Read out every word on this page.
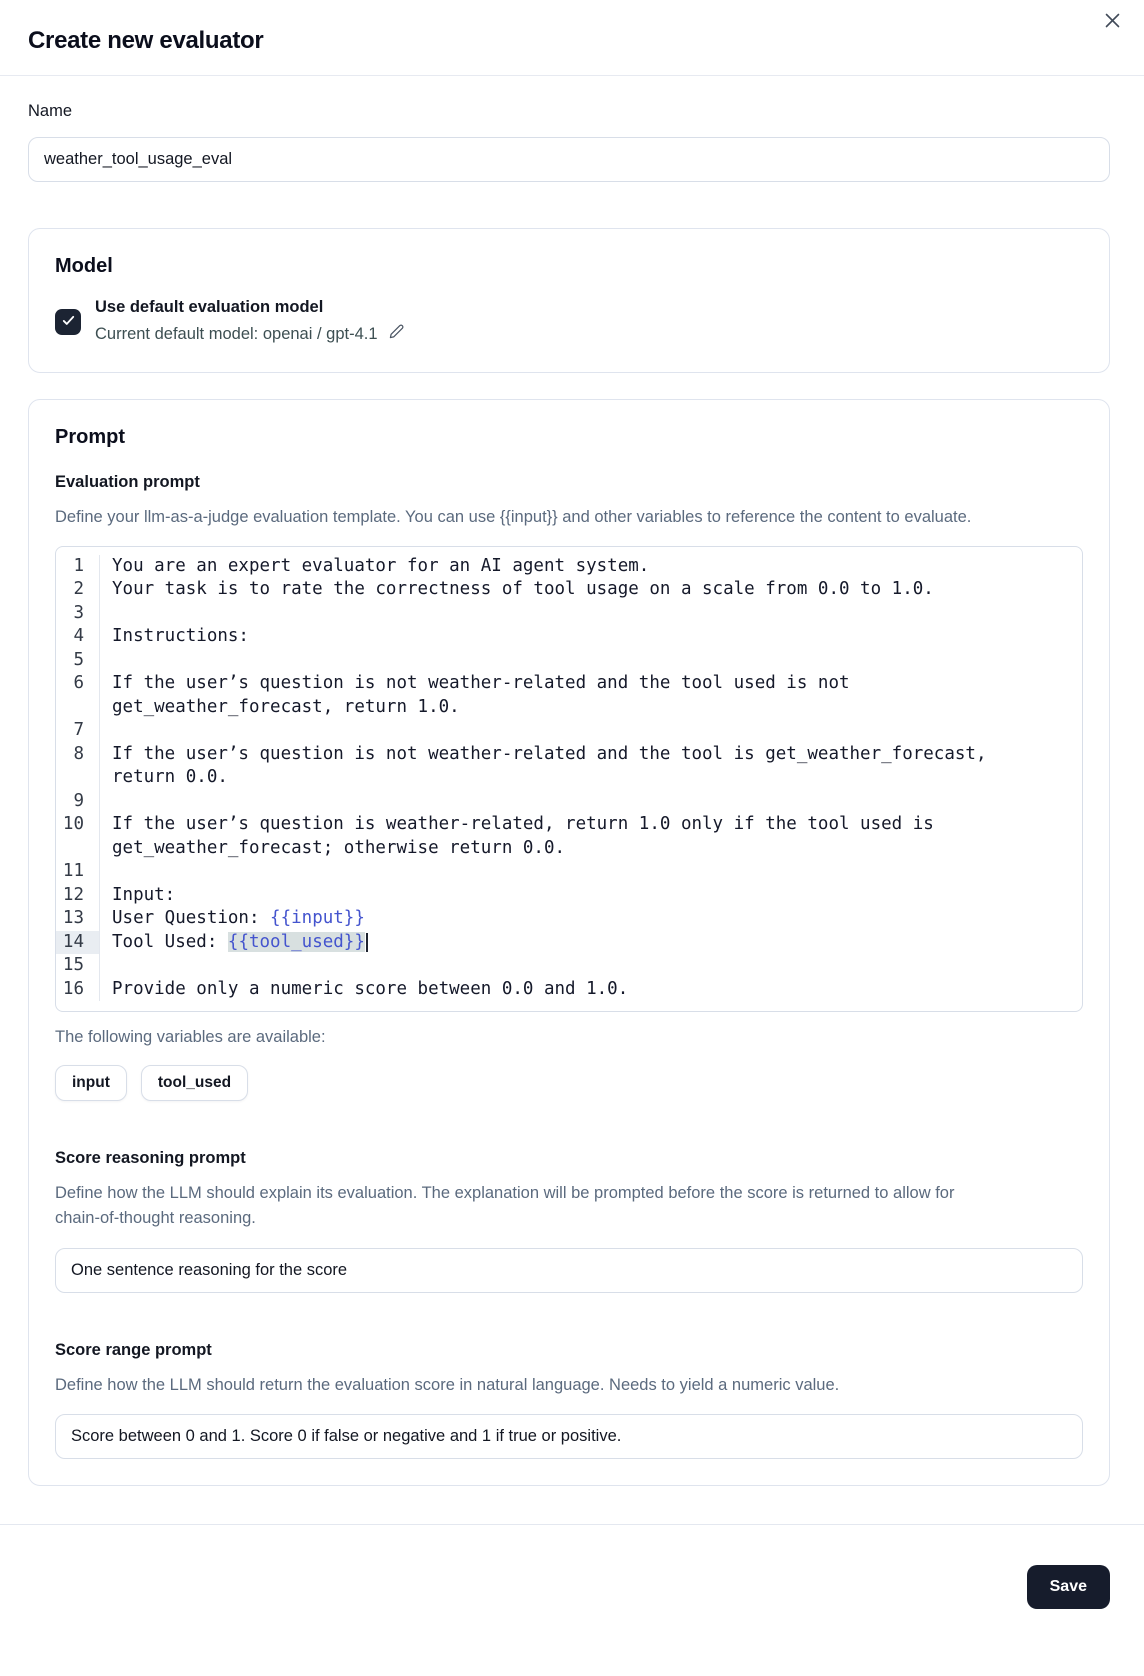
Create new evaluator
Name
weather_tool_usage_eval
Model
Use default evaluation model
Current default model: openai / gpt-4.1
Prompt
Evaluation prompt

Define your llm-as-a-judge evaluation template. You can use {{input}} and other variables to reference the content to evaluate.

1	You are an expert evaluator for an AI agent system.
2	Your task is to rate the correctness of tool usage on a scale from 0.0 to 1.0.
3

4	Instructions:
5

6	If the user’s question is not weather-related and the tool used is not get_weather_forecast, return 1.0.
7

8	If the user’s question is not weather-related and the tool is get_weather_forecast, return 0.0.
9

10	If the user’s question is weather-related, return 1.0 only if the tool used is get_weather_forecast; otherwise return 0.0.
11

12	Input:
13	User Question: {{input}}
14	Tool Used: {{tool_used}}
15

16	Provide only a numeric score between 0.0 and 1.0.

The following variables are available:

input	tool_used
Score reasoning prompt

Define how the LLM should explain its evaluation. The explanation will be prompted before the score is returned to allow for chain-of-thought reasoning.

One sentence reasoning for the score
Score range prompt

Define how the LLM should return the evaluation score in natural language. Needs to yield a numeric value.

Score between 0 and 1. Score 0 if false or negative and 1 if true or positive.
Save
